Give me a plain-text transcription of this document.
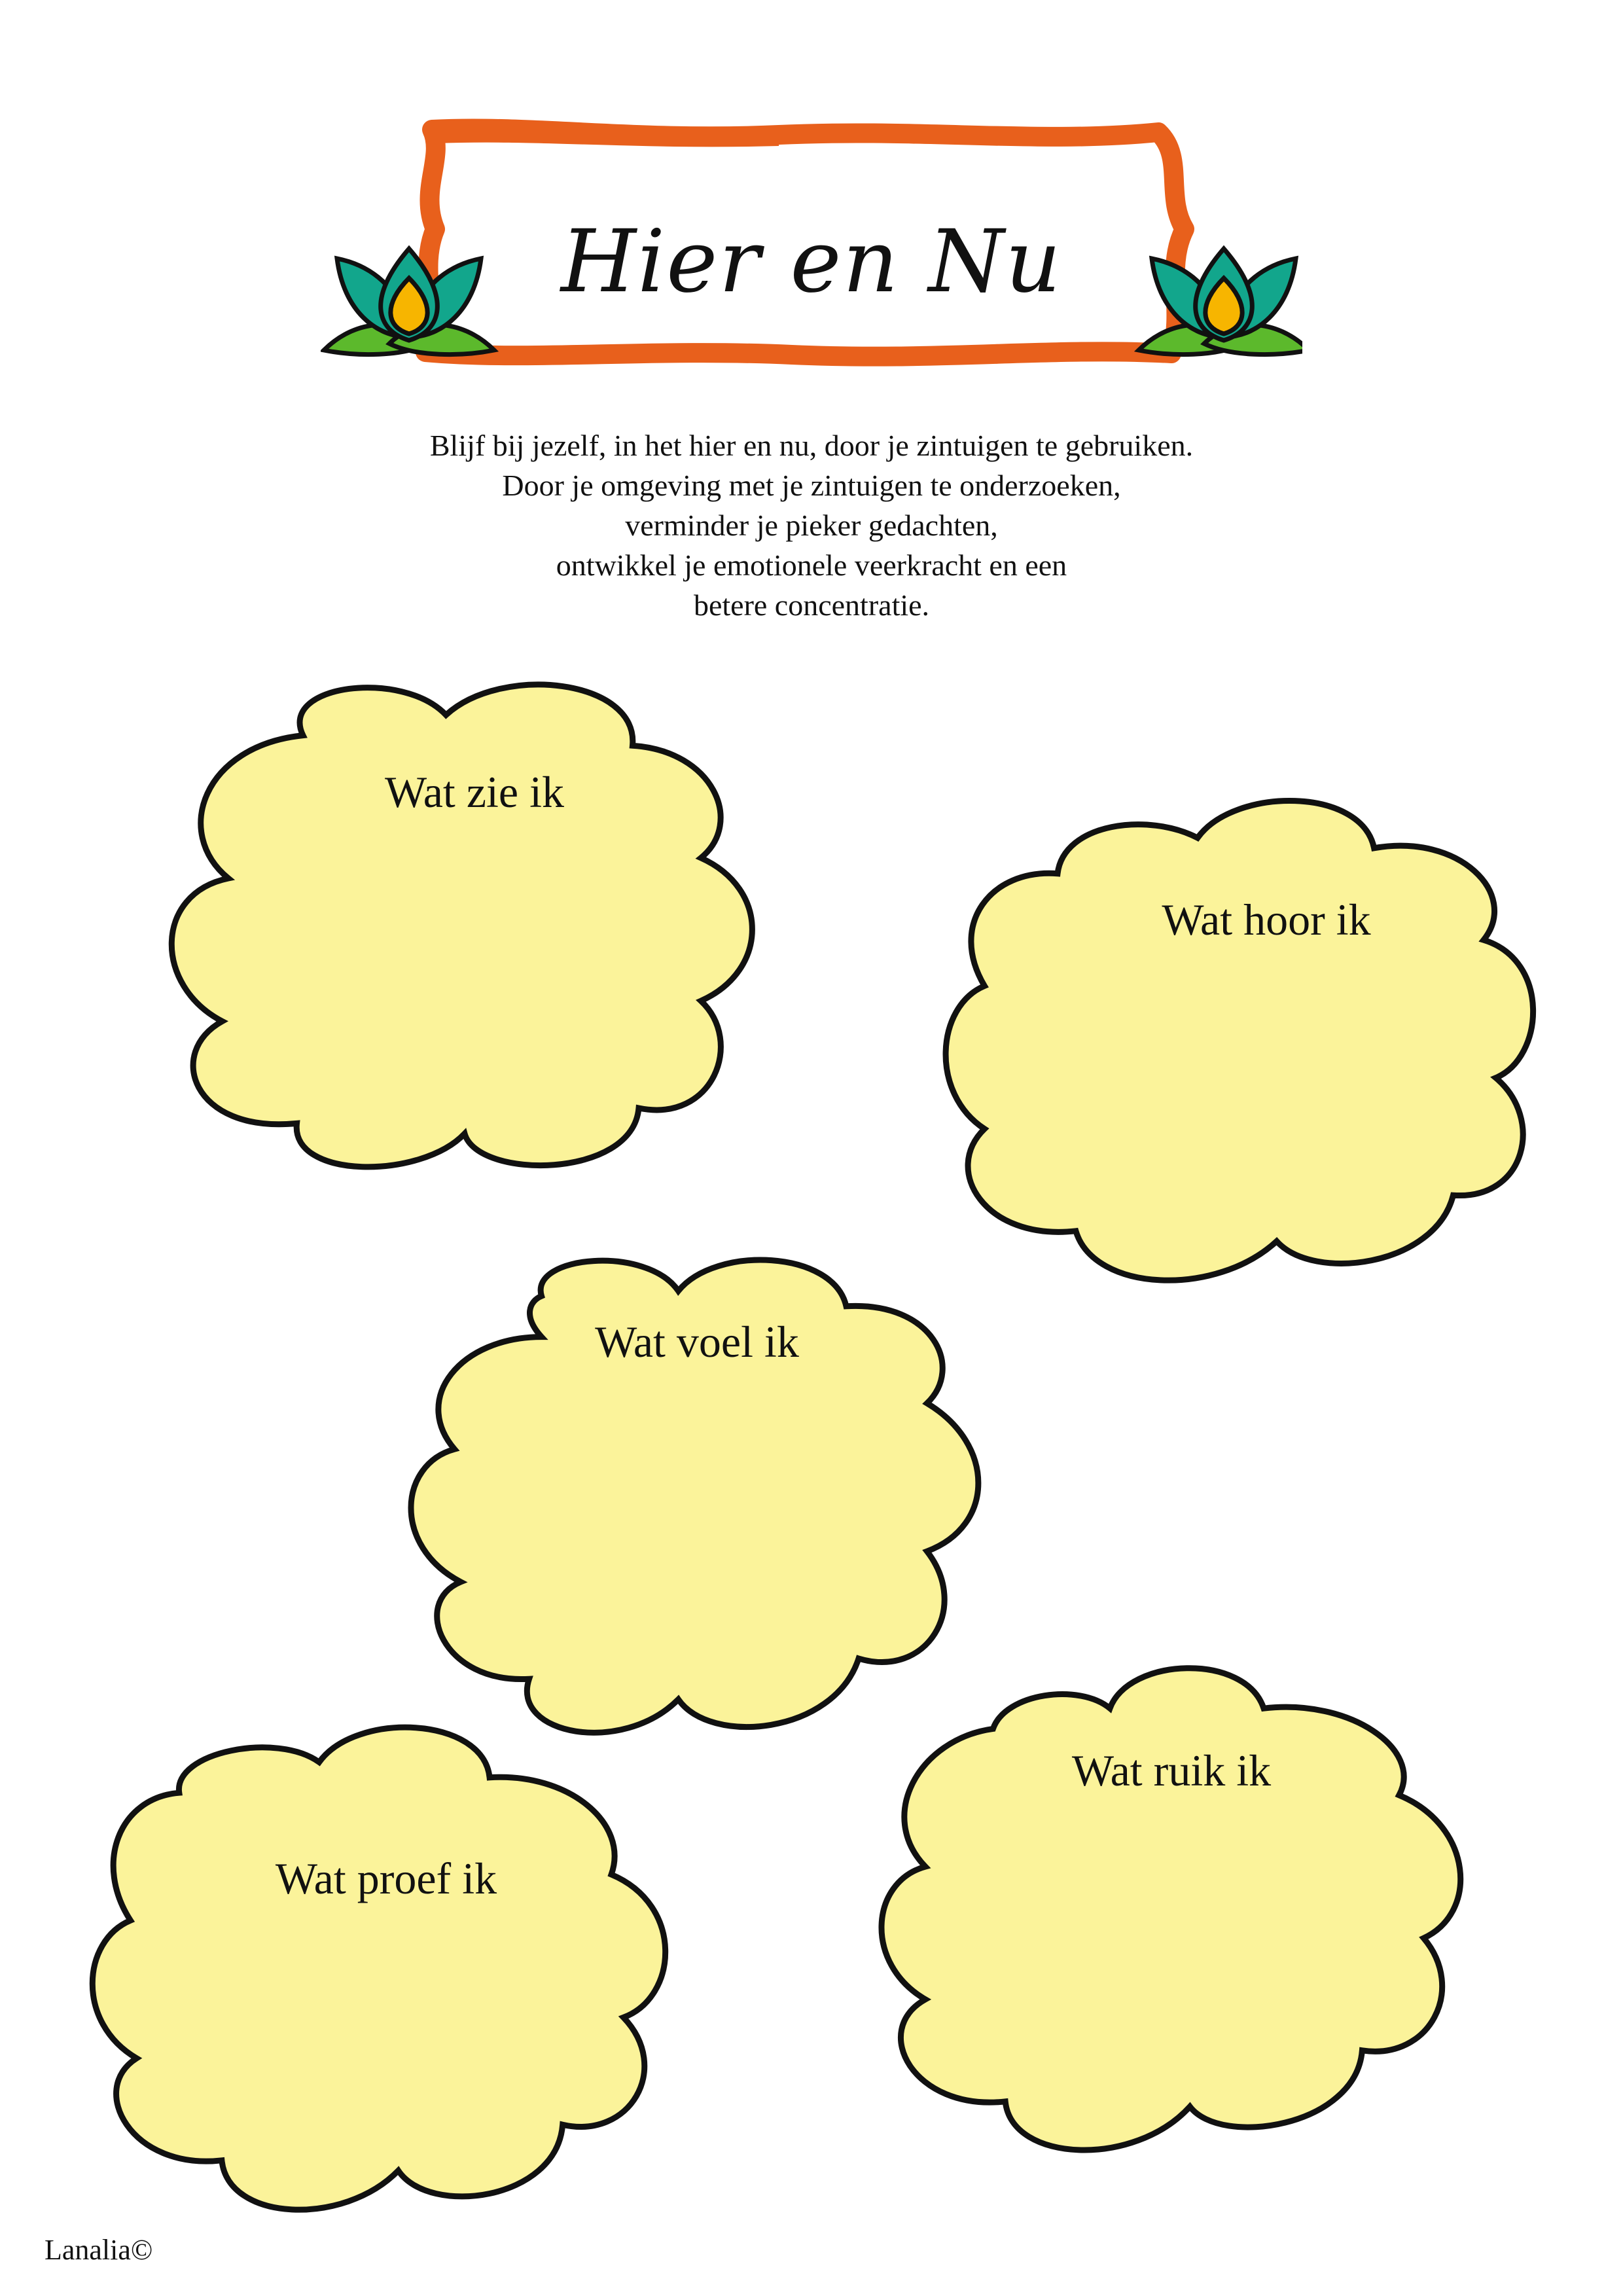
Hier en Nu
Blijf bij jezelf, in het hier en nu, door je zintuigen te gebruiken.
Door je omgeving met je zintuigen te onderzoeken,
verminder je pieker gedachten,
ontwikkel je emotionele veerkracht en een
betere concentratie.
Wat zie ik
Wat hoor ik
Wat voel ik
Wat proef ik
Wat ruik ik
Lanalia©
